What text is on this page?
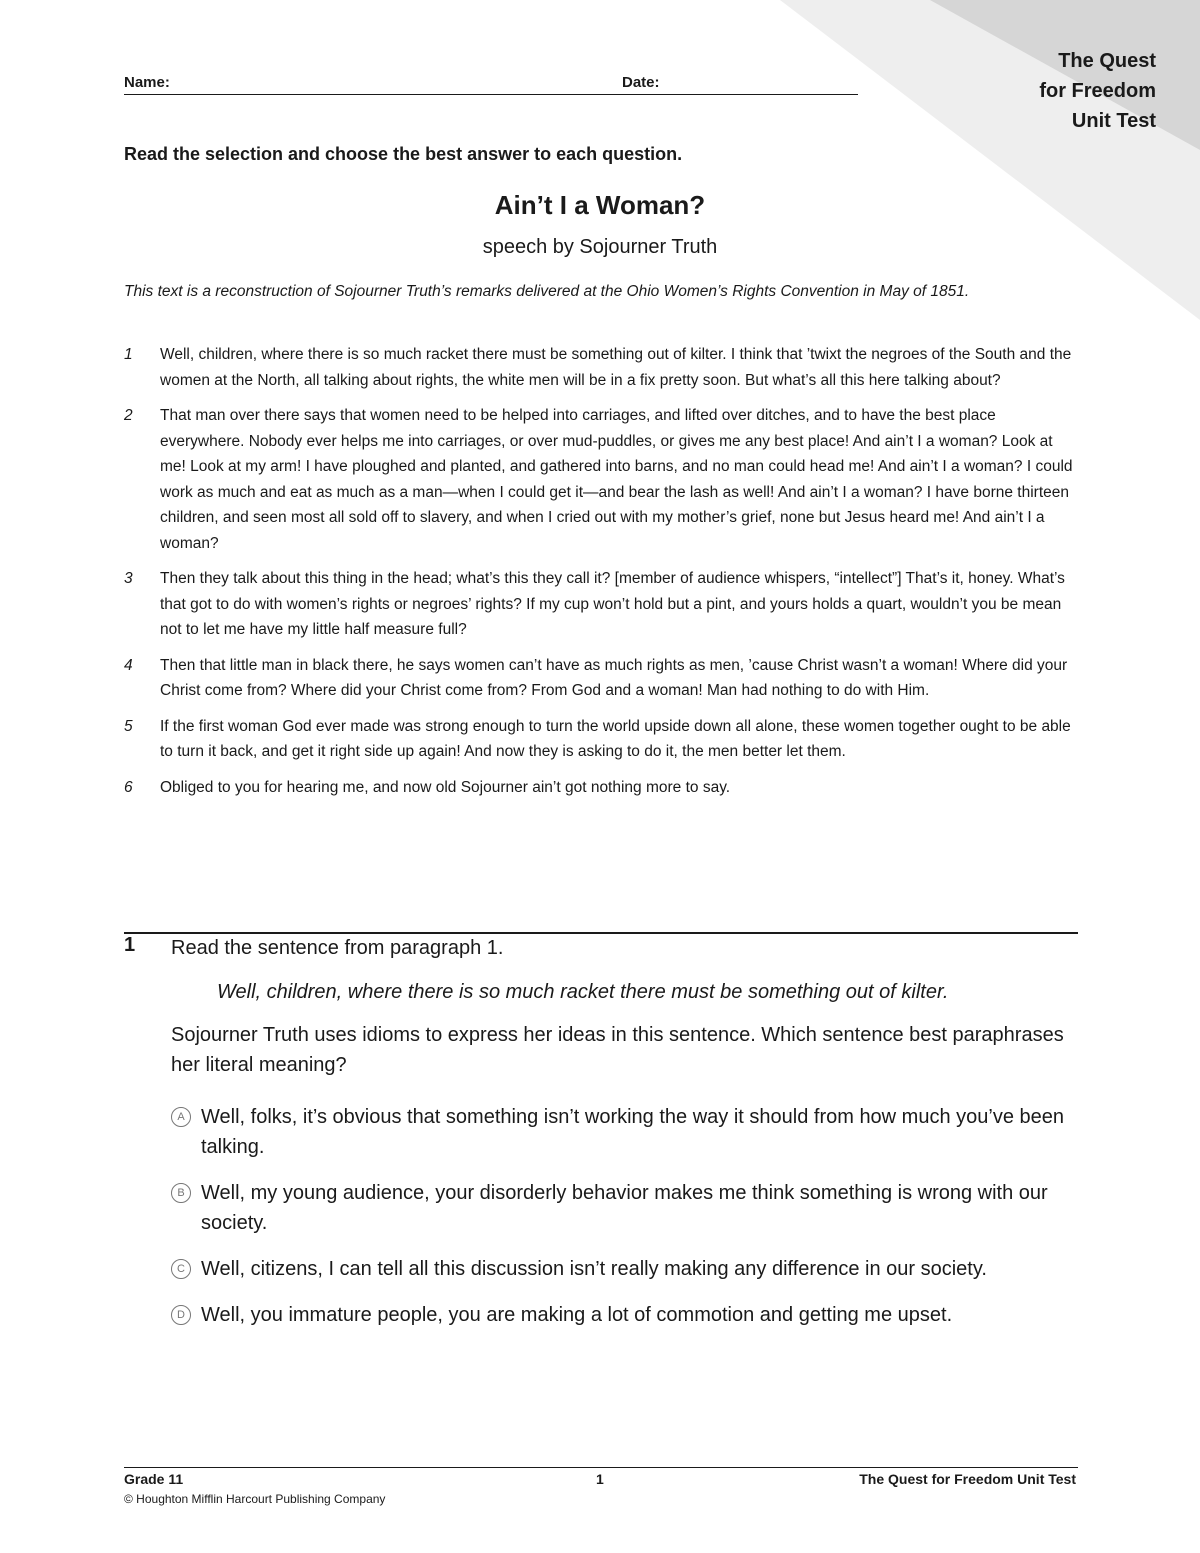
The Quest
for Freedom
Unit Test
Name:	Date:
Read the selection and choose the best answer to each question.
Ain’t I a Woman?
speech by Sojourner Truth
This text is a reconstruction of Sojourner Truth’s remarks delivered at the Ohio Women’s Rights Convention in May of 1851.
1 Well, children, where there is so much racket there must be something out of kilter. I think that ’twixt the negroes of the South and the women at the North, all talking about rights, the white men will be in a fix pretty soon. But what’s all this here talking about?
2 That man over there says that women need to be helped into carriages, and lifted over ditches, and to have the best place everywhere. Nobody ever helps me into carriages, or over mud-puddles, or gives me any best place! And ain’t I a woman? Look at me! Look at my arm! I have ploughed and planted, and gathered into barns, and no man could head me! And ain’t I a woman? I could work as much and eat as much as a man—when I could get it—and bear the lash as well! And ain’t I a woman? I have borne thirteen children, and seen most all sold off to slavery, and when I cried out with my mother’s grief, none but Jesus heard me! And ain’t I a woman?
3 Then they talk about this thing in the head; what’s this they call it? [member of audience whispers, “intellect”] That’s it, honey. What’s that got to do with women’s rights or negroes’ rights? If my cup won’t hold but a pint, and yours holds a quart, wouldn’t you be mean not to let me have my little half measure full?
4 Then that little man in black there, he says women can’t have as much rights as men, ’cause Christ wasn’t a woman! Where did your Christ come from? Where did your Christ come from? From God and a woman! Man had nothing to do with Him.
5 If the first woman God ever made was strong enough to turn the world upside down all alone, these women together ought to be able to turn it back, and get it right side up again! And now they is asking to do it, the men better let them.
6 Obliged to you for hearing me, and now old Sojourner ain’t got nothing more to say.
1 Read the sentence from paragraph 1.
Well, children, where there is so much racket there must be something out of kilter.
Sojourner Truth uses idioms to express her ideas in this sentence. Which sentence best paraphrases her literal meaning?
A Well, folks, it’s obvious that something isn’t working the way it should from how much you’ve been talking.
B Well, my young audience, your disorderly behavior makes me think something is wrong with our society.
C Well, citizens, I can tell all this discussion isn’t really making any difference in our society.
D Well, you immature people, you are making a lot of commotion and getting me upset.
Grade 11	1	The Quest for Freedom Unit Test
© Houghton Mifflin Harcourt Publishing Company
